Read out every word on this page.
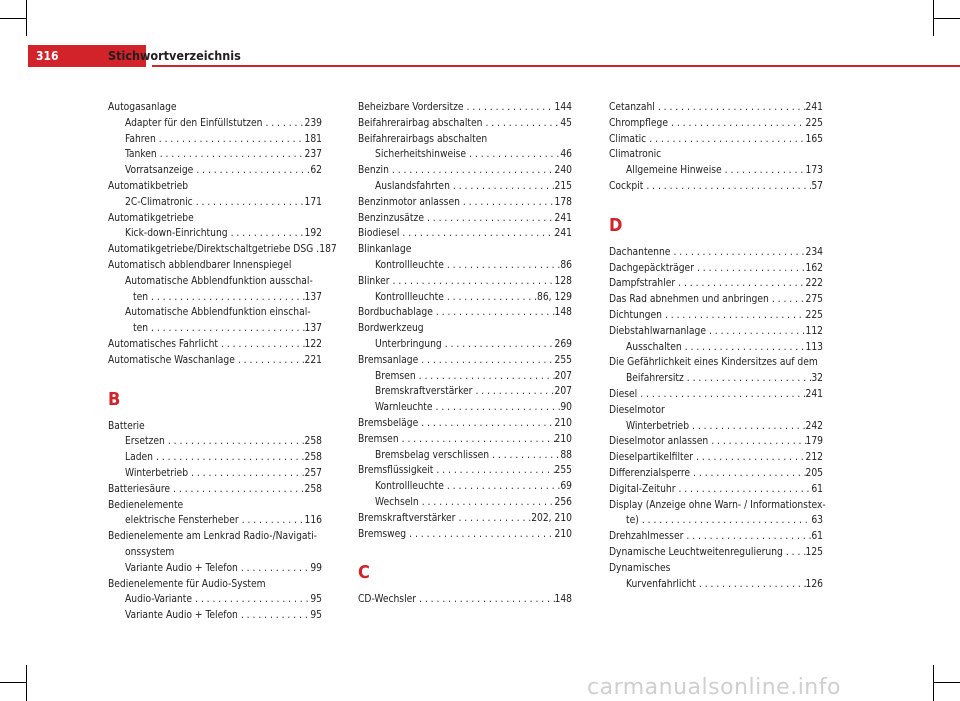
316	Stichwortverzeichnis
Autogasanlage
Adapter für den Einfüllstutzen . . .	239
Fahren . . .	181
Tanken . . .	237
Vorratsanzeige . . .	62
Automatikbetrieb
2C-Climatronic . . .	171
Automatikgetriebe
Kick-down-Einrichtung . . .	192
Automatikgetriebe/Direktschaltgetriebe DSG . . . 187
Automatisch abblendbarer Innenspiegel
Automatische Abblendfunktion ausschal-
ten . . .	137
Automatische Abblendfunktion einschal-
ten . . .	137
Automatisches Fahrlicht . . .	122
Automatische Waschanlage . . .	221
B
Batterie
Ersetzen . . .	258
Laden . . .	258
Winterbetrieb . . .	257
Batteriesäure . . .	258
Bedienelemente
elektrische Fensterheber . . .	116
Bedienelemente am Lenkrad Radio-/Navigati-
onssystem
Variante Audio + Telefon . . .	99
Bedienelemente für Audio-System
Audio-Variante . . .	95
Variante Audio + Telefon . . .	95
Beheizbare Vordersitze . . .	144
Beifahrerairbag abschalten . . .	45
Beifahrerairbags abschalten
Sicherheitshinweise . . .	46
Benzin . . .	240
Auslandsfahrten . . .	215
Benzinmotor anlassen . . .	178
Benzinzusätze . . .	241
Biodiesel . . .	241
Blinkanlage
Kontrollleuchte . . .	86
Blinker . . .	128
Kontrollleuchte . . .	86, 129
Bordbuchablage . . .	148
Bordwerkzeug
Unterbringung . . .	269
Bremsanlage . . .	255
Bremsen . . .	207
Bremskraftverstärker . . .	207
Warnleuchte . . .	90
Bremsbeläge . . .	210
Bremsen . . .	210
Bremsbelag verschlissen . . .	88
Bremsflüssigkeit . . .	255
Kontrollleuchte . . .	69
Wechseln . . .	256
Bremskraftverstärker . . .	202, 210
Bremsweg . . .	210
C
CD-Wechsler . . .	148
Cetanzahl . . .	241
Chrompflege . . .	225
Climatic . . .	165
Climatronic
Allgemeine Hinweise . . .	173
Cockpit . . .	57
D
Dachantenne . . .	234
Dachgepäckträger . . .	162
Dampfstrahler . . .	222
Das Rad abnehmen und anbringen . . .	275
Dichtungen . . .	225
Diebstahlwarnanlage . . .	112
Ausschalten . . .	113
Die Gefährlichkeit eines Kindersitzes auf dem
Beifahrersitz . . .	32
Diesel . . .	241
Dieselmotor
Winterbetrieb . . .	242
Dieselmotor anlassen . . .	179
Dieselpartikelfilter . . .	212
Differenzialsperre . . .	205
Digital-Zeituhr . . .	61
Display (Anzeige ohne Warn- / Informationstex-
te) . . .	63
Drehzahlmesser . . .	61
Dynamische Leuchtweitenregulierung . . . 125
Dynamisches
Kurvenfahrlicht . . .	126
carmanualsonline.info
